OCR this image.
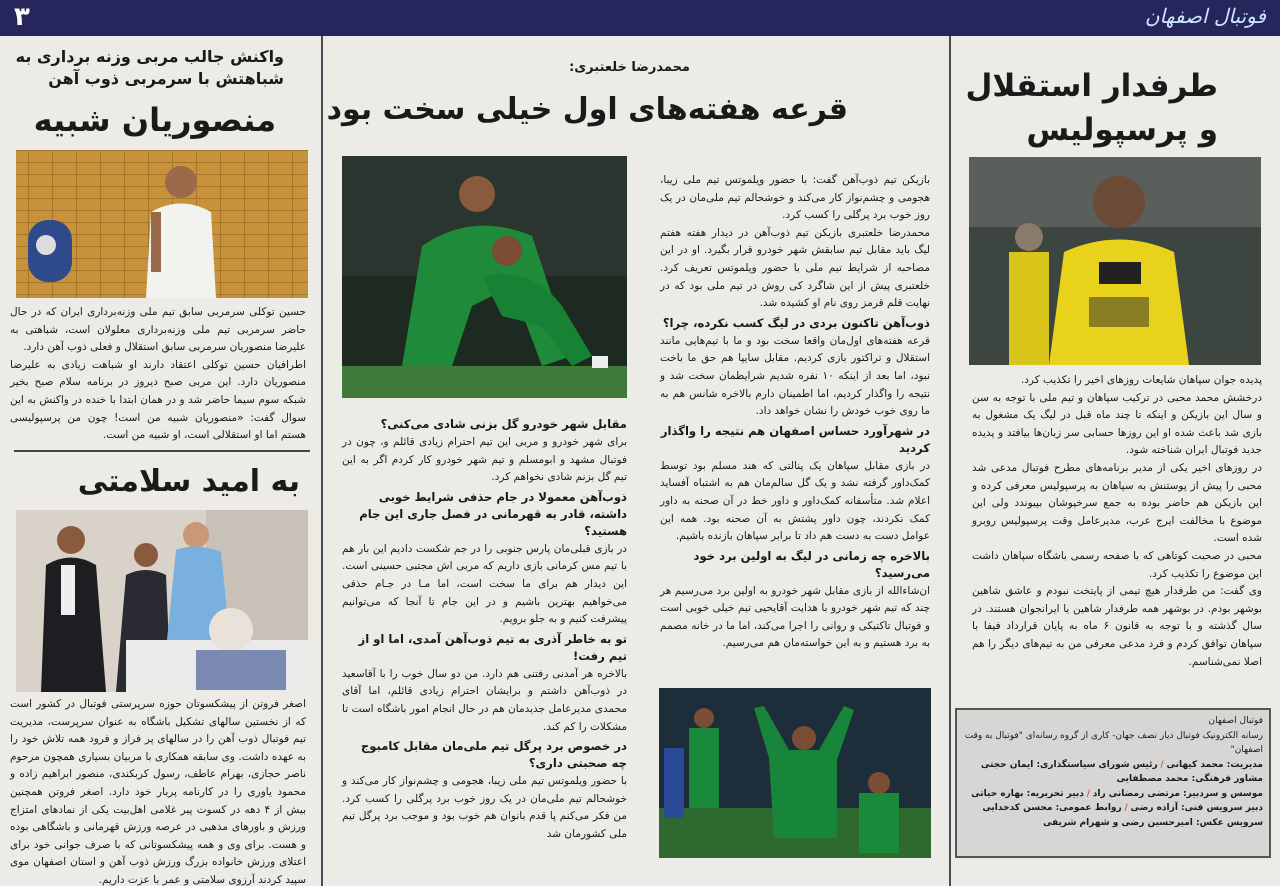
۳	فوتبال اصفهان
طرفدار استقلال
و پرسپولیس
پدیده جوان سپاهان شایعات روزهای اخیر را تکذیب کرد.
درخشش محمد محبی در ترکیب سپاهان و تیم ملی با توجه به سن و سال این بازیکن و اینکه تا چند ماه قبل در لیگ یک مشغول به بازی شد باعث شده او این روزها حسابی سر زبان‌ها بیافتد و پدیده جدید فوتبال ایران شناخته شود.
در روزهای اخیر یکی از مدیر برنامه‌های مطرح فوتبال مدعی شد محبی را پیش از پوستنش به سپاهان به پرسپولیس معرفی کرده و این بازیکن هم حاضر بوده به جمع سرخپوشان بپیوندد ولی این موضوع با مخالفت ایرج عرب، مدیرعامل وقت پرسپولیس روبرو شده است.
محبی در صحبت کوتاهی که با صفحه رسمی باشگاه سپاهان داشت این موضوع را تکذیب کرد.
وی گفت: من طرفدار هیچ تیمی از پایتخت نبودم و عاشق شاهین بوشهر بودم. در بوشهر همه طرفدار شاهین یا ایرانجوان هستند. در سال گذشته و با توجه به قانون ۶ ماه به پایان قرارداد فیفا با سپاهان توافق کردم و فرد مدعی معرفی من به تیم‌های دیگر را هم اصلا نمی‌شناسم.
فوتبال اصفهان
رسانه الکترونیک فوتبال دیار نصف جهان- کاری از گروه رسانه‌ای "فوتبال به وقت اصفهان"
مدیریت: محمد کیهانی / رئیس شورای سیاستگذاری: ایمان حجتی
مشاور فرهنگی: محمد مصطفایی
موسس و سردبیر: مرتضی رمضانی راد / دبیر تحریریه: بهاره حیاتی
دبیر سرویس فنی: آزاده رضی / روابط عمومی: محسن کدخدایی
سرویس عکس: امیرحسین رضی و شهرام شریفی
محمدرضا خلعتبری:
قرعه هفته‌های اول خیلی سخت بود
بازیکن تیم ذوب‌آهن گفت: با حضور ویلموتس تیم ملی زیبا، هجومی و چشم‌نواز کار می‌کند و خوشحالم تیم ملی‌مان در یک روز خوب برد پرگلی را کسب کرد.
محمدرضا خلعتبری بازیکن تیم ذوب‌آهن در دیدار هفته هفتم لیگ باید مقابل تیم سابقش شهر خودرو قرار بگیرد. او در این مصاحبه از شرایط تیم ملی با حضور ویلموتس تعریف کرد. خلعتبری پیش از این شاگرد کی روش در تیم ملی بود که در نهایت قلم قرمز روی نام او کشیده شد.
ذوب‌آهن تاکنون بردی در لیگ کسب نکرده، چرا؟
قرعه هفته‌های اول‌مان واقعا سخت بود و ما با تیم‌هایی مانند استقلال و تراکتور بازی کردیم. مقابل سایپا هم حق ما باخت نبود، اما بعد از اینکه ۱۰ نفره شدیم شرایطمان سخت شد و نتیجه را واگذار کردیم، اما اطمینان دارم بالاخره شانس هم به ما روی خوب خودش را نشان خواهد داد.
در شهرآورد حساس اصفهان هم نتیجه را واگذار کردید
در بازی مقابل سپاهان یک پنالتی که هند مسلم بود توسط کمک‌داور گرفته نشد و یک گل سالم‌مان هم به اشتباه آفساید اعلام شد. متأسفانه کمک‌داور و داور خط در آن صحنه به داور کمک نکردند، چون داور پشتش به آن صحنه بود. همه این عوامل دست به دست هم داد تا برابر سپاهان بازنده باشیم.
بالاخره چه زمانی در لیگ به اولین برد خود می‌رسید؟
ان‌شاءالله از بازی مقابل شهر خودرو به اولین برد می‌رسیم هر چند که تیم شهر خودرو با هدایت آقا‌یحیی تیم خیلی خوبی است و فوتبال تاکتیکی و روانی را اجرا می‌کند، اما ما در خانه مصمم به برد هستیم و به این خواسته‌مان هم می‌رسیم.
مقابل شهر خودرو گل بزنی شادی می‌کنی؟
برای شهر خودرو و مربی این تیم احترام زیادی قائلم و، چون در فوتبال مشهد و ابومسلم و تیم شهر خودرو کار کردم اگر به این تیم گل بزنم شادی نخواهم کرد.
ذوب‌آهن معمولا در جام حذفی شرایط خوبی داشته، قادر به قهرمانی در فصل جاری این جام هستید؟
در بازی قبلی‌مان پارس جنوبی را در جم شکست دادیم این بار هم با تیم مس کرمانی بازی داریم که مربی اش مجتبی حسینی است. این دیدار هم برای ما سخت است، اما مـا در جـام حذفی می‌خواهیم بهترین باشیم و در این جام تا آنجا که می‌توانیم پیشرفت کنیم و به جلو برویم.
تو به خاطر آذری به تیم ذوب‌آهن آمدی، اما او از تیم رفت!
بالاخره هر آمدنی رفتنی هم دارد. من دو سال خوب را با آقاسعید در ذوب‌آهن داشتم و برایشان احترام زیادی قائلم، اما آقای محمدی مدیرعامل جدیدمان هم در حال انجام امور باشگاه است تا مشکلات را کم کند.
در خصوص برد پرگل تیم ملی‌مان مقابل کامبوج چه صحبتی داری؟
با حضور ویلموتس تیم ملی زیبا، هجومی و چشم‌نواز کار می‌کند و خوشحالم تیم ملی‌مان در یک روز خوب برد پرگلی را کسب کرد. من فکر می‌کنم پا قدم بانوان هم خوب بود و موجب برد پرگل تیم ملی کشورمان شد
واکنش جالب مربی وزنه برداری به
شباهتش با سرمربی ذوب آهن
منصوریان شبیه
حسین توکلی سرمربی سابق تیم ملی وزنه‌برداری ایران که در حال حاضر سرمربی تیم ملی وزنه‌برداری معلولان است، شباهتی به علیرضا منصوریان سرمربی سابق استقلال و فعلی ذوب آهن دارد.
اطرافیان حسین توکلی اعتقاد دارند او شباهت زیادی به علیرضا منصوریان دارد. این مربی صبح دیروز در برنامه سلام صبح بخیر شبکه سوم سیما حاضر شد و در همان ابتدا با خنده در واکنش به این سوال گفت: «منصوریان شبیه من است! چون من پرسپولیسی هستم اما او استقلالی است، او شبیه من است.
به امید سلامتی
اصغر فروتن از پیشکسوتان حوزه سرپرستی فوتبال در کشور است که از نخستین سالهای تشکیل باشگاه به عنوان سرپرست، مدیریت تیم فوتبال ذوب آهن را در سالهای پر فراز و فرود همه تلاش خود را به عهده داشت. وی سابقه همکاری با مربیان بسیاری همچون مرحوم ناصر حجازی، بهرام عاطف، رسول کربکندی، منصور ابراهیم زاده و محمود یاوری را در کارنامه پربار خود دارد. اصغر فروتن همچنین بیش از ۴ دهه در کسوت پیر غلامی اهل‌بیت یکی از نمادهای امتزاج ورزش و باورهای مذهبی در عرصه ورزش قهرمانی و باشگاهی بوده و هست. برای وی و همه پیشکسوتانی که با صرف جوانی خود برای اعتلای ورزش خانواده بزرگ ورزش ذوب آهن و استان اصفهان موی سپید کردند آرزوی سلامتی و عمر با عزت داریم.
